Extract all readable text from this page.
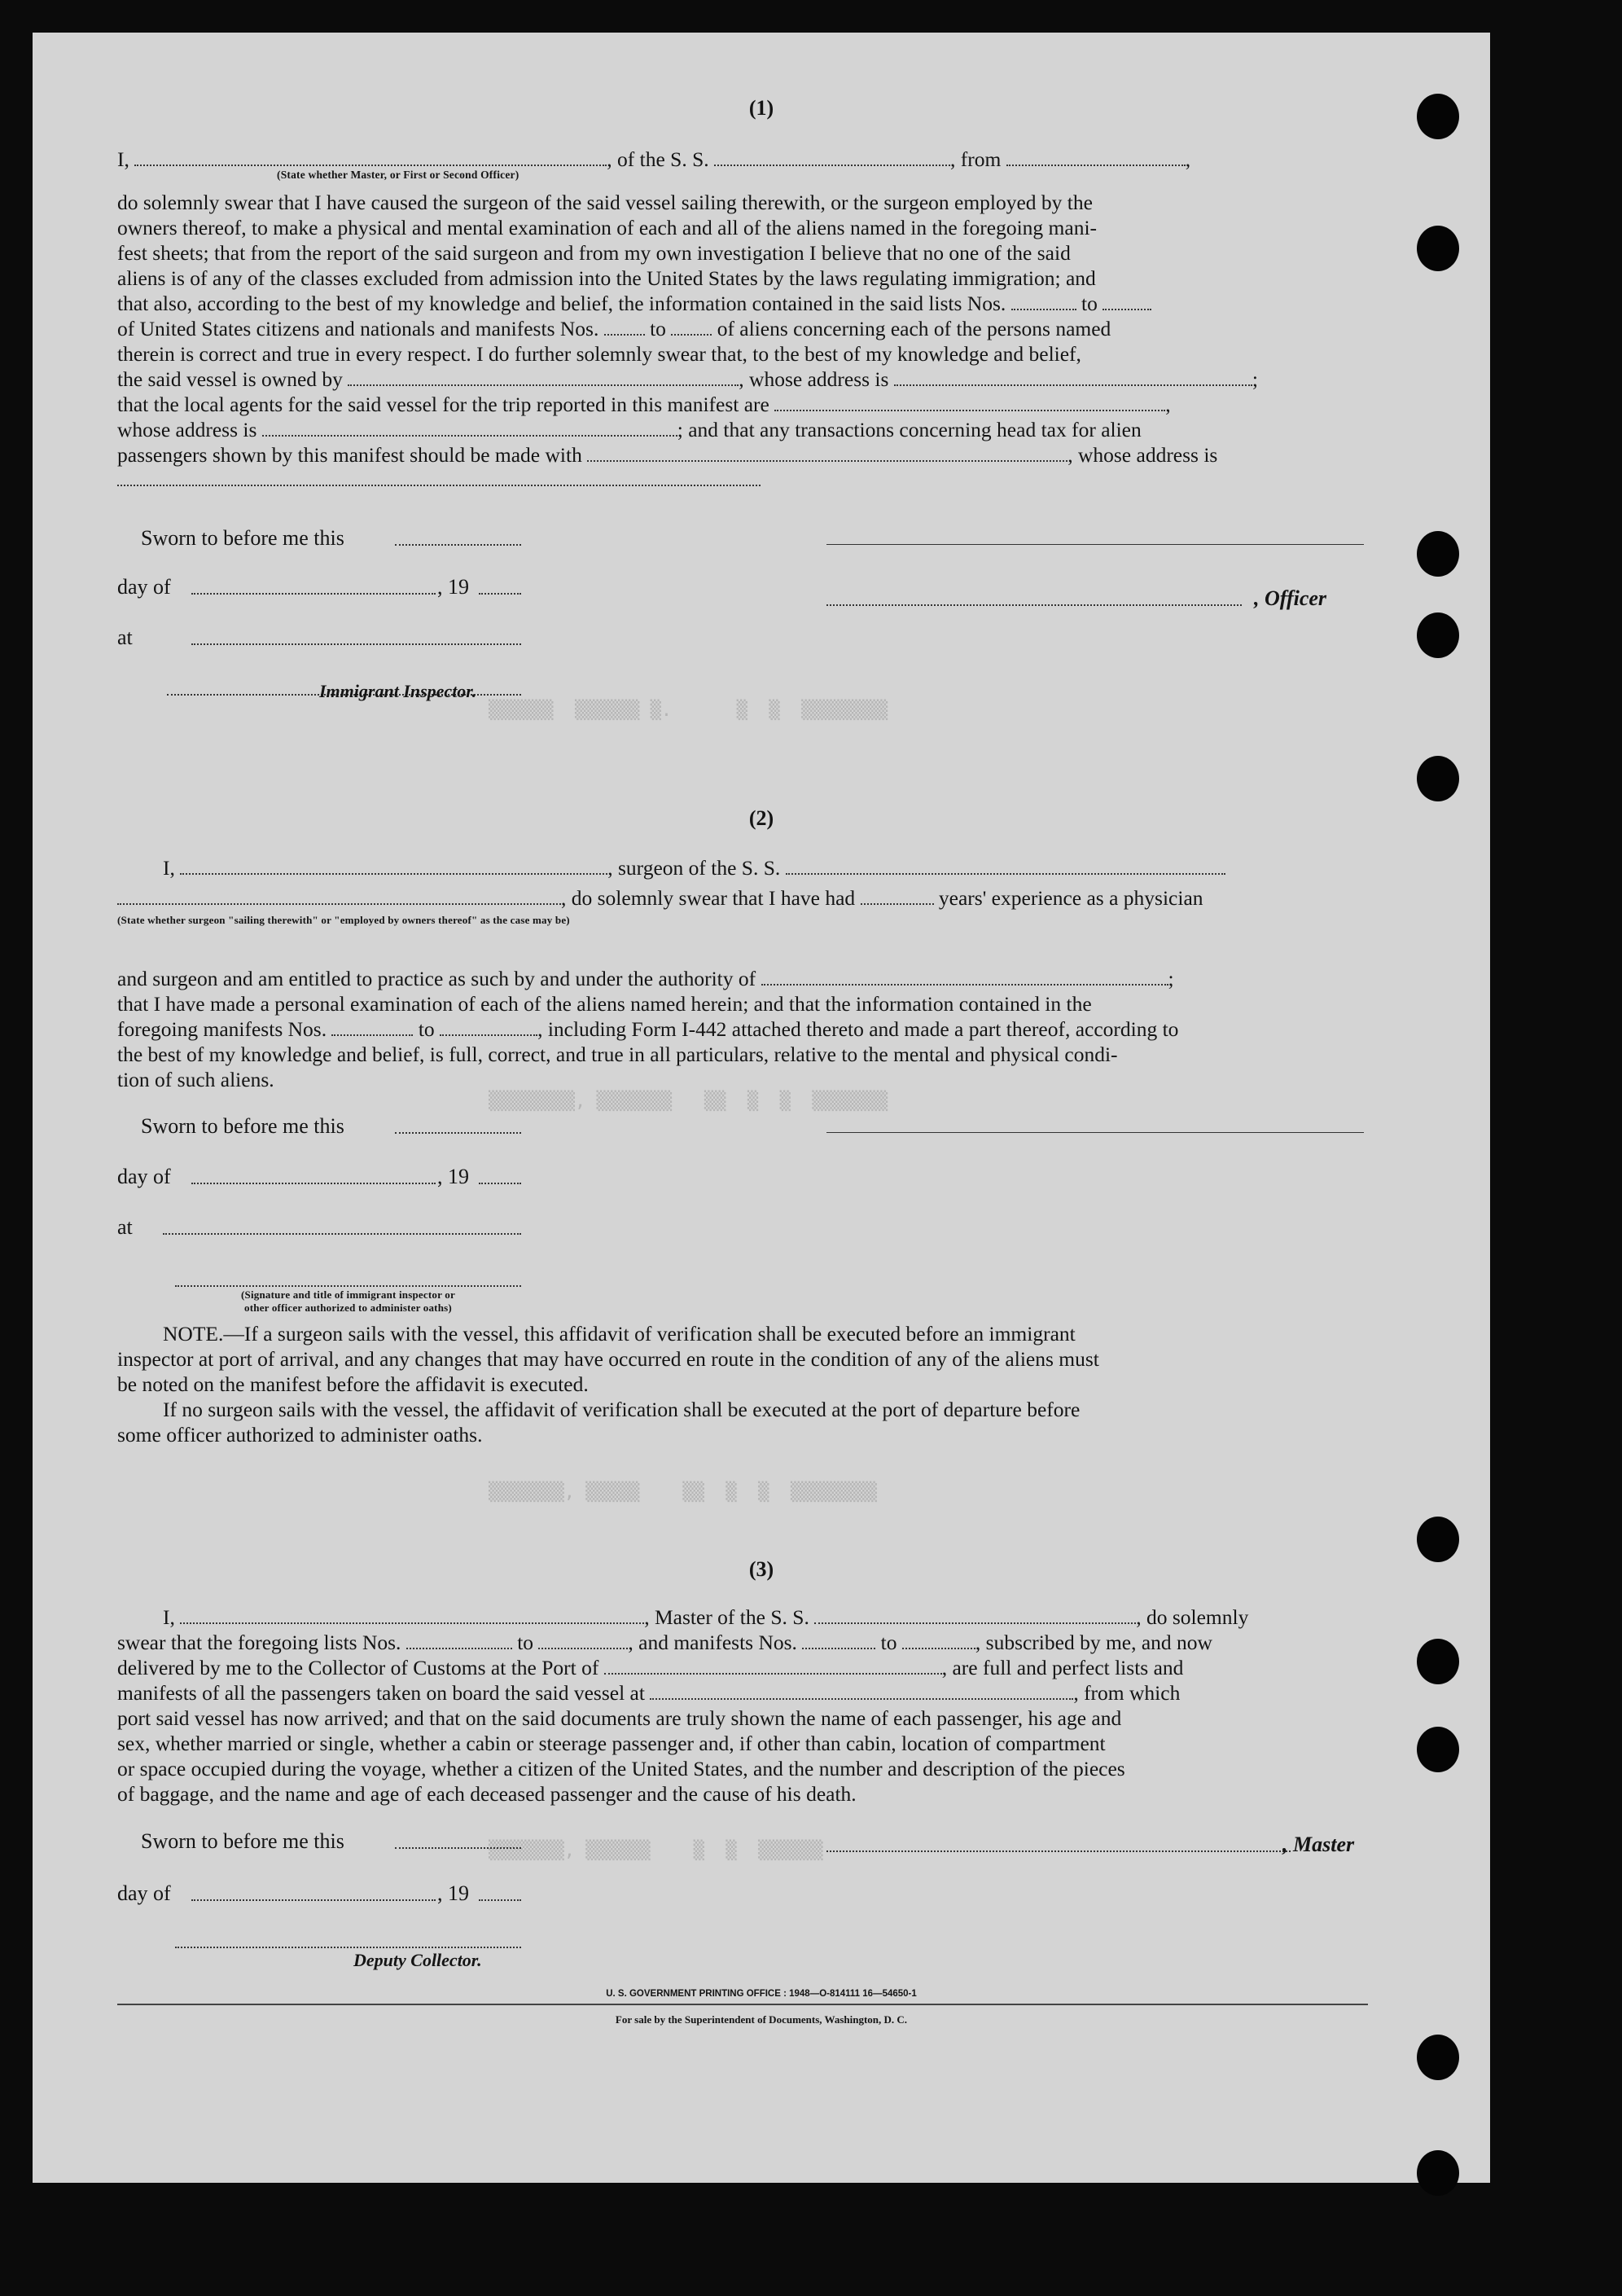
▒▒▒▒▒▒  ▒▒▒▒▒▒ ▒.      ▒  ▒  ▒▒▒▒▒▒▒▒
▒▒▒▒▒▒▒▒, ▒▒▒▒▒▒▒   ▒▒  ▒  ▒  ▒▒▒▒▒▒▒
▒▒▒▒▒▒▒, ▒▒▒▒▒    ▒▒  ▒  ▒  ▒▒▒▒▒▒▒▒
▒▒▒▒▒▒▒, ▒▒▒▒▒▒    ▒  ▒  ▒▒▒▒▒▒
(1)
I,	, of the S. S.	, from	,
(State whether Master, or First or Second Officer)
do solemnly swear that I have caused the surgeon of the said vessel sailing therewith, or the surgeon employed by the
owners thereof, to make a physical and mental examination of each and all of the aliens named in the foregoing mani-
fest sheets; that from the report of the said surgeon and from my own investigation I believe that no one of the said
aliens is of any of the classes excluded from admission into the United States by the laws regulating immigration; and
that also, according to the best of my knowledge and belief, the information contained in the said lists Nos.	to
of United States citizens and nationals and manifests Nos. to of aliens concerning each of the persons named
therein is correct and true in every respect. I do further solemnly swear that, to the best of my knowledge and belief,
the said vessel is owned by	, whose address is	;
that the local agents for the said vessel for the trip reported in this manifest are	,
whose address is	; and that any transactions concerning head tax for alien
passengers shown by this manifest should be made with	, whose address is
Sworn to before me this
day of	, 19	, Officer
at
Immigrant Inspector.
(2)
I,	, surgeon of the S. S.
, do solemnly swear that I have had	years' experience as a physician
(State whether surgeon "sailing therewith" or "employed by owners thereof" as the case may be)
and surgeon and am entitled to practice as such by and under the authority of	;
that I have made a personal examination of each of the aliens named herein; and that the information contained in the
foregoing manifests Nos.	to	, including Form I-442 attached thereto and made a part thereof, according to
the best of my knowledge and belief, is full, correct, and true in all particulars, relative to the mental and physical condi-
tion of such aliens.
Sworn to before me this
day of	, 19
at
(Signature and title of immigrant inspector or
other officer authorized to administer oaths)
NOTE.—If a surgeon sails with the vessel, this affidavit of verification shall be executed before an immigrant
inspector at port of arrival, and any changes that may have occurred en route in the condition of any of the aliens must
be noted on the manifest before the affidavit is executed.
If no surgeon sails with the vessel, the affidavit of verification shall be executed at the port of departure before
some officer authorized to administer oaths.
(3)
I,	, Master of the S. S.	, do solemnly
swear that the foregoing lists Nos.	to	, and manifests Nos.	to	, subscribed by me, and now
delivered by me to the Collector of Customs at the Port of	, are full and perfect lists and
manifests of all the passengers taken on board the said vessel at	, from which
port said vessel has now arrived; and that on the said documents are truly shown the name of each passenger, his age and
sex, whether married or single, whether a cabin or steerage passenger and, if other than cabin, location of compartment
or space occupied during the voyage, whether a citizen of the United States, and the number and description of the pieces
of baggage, and the name and age of each deceased passenger and the cause of his death.
Sworn to before me this	, Master
day of	, 19
Deputy Collector.
U. S. GOVERNMENT PRINTING OFFICE : 1948—O-814111 16—54650-1
For sale by the Superintendent of Documents, Washington, D. C.
